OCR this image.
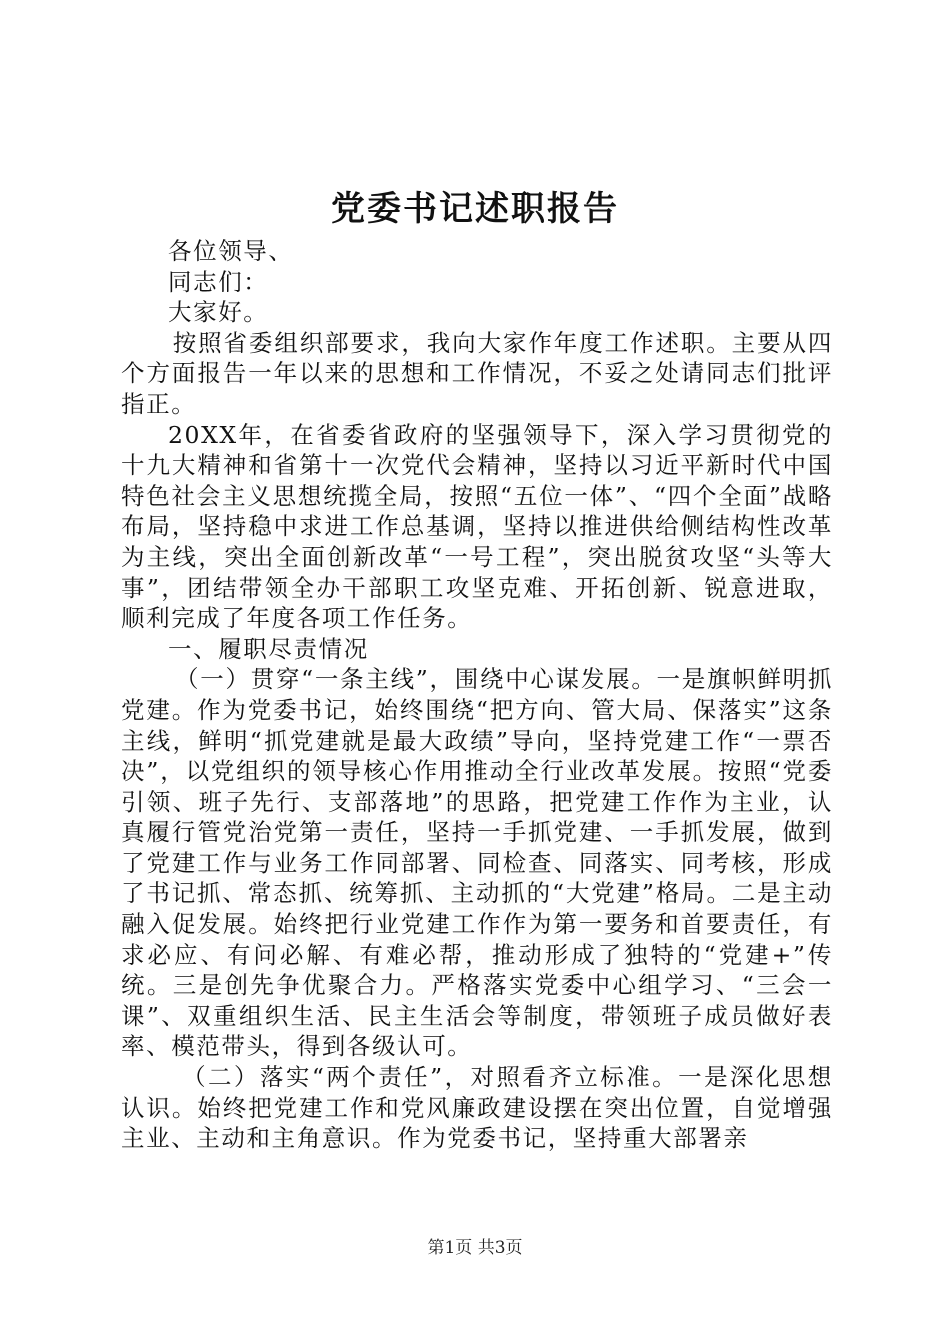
党委书记述职报告

各位领导、

同志们：

大家好。

按照省委组织部要求，我向大家作年度工作述职。主要从四个方面报告一年以来的思想和工作情况，不妥之处请同志们批评指正。

20XX年，在省委省政府的坚强领导下，深入学习贯彻党的十九大精神和省第十一次党代会精神，坚持以习近平新时代中国特色社会主义思想统揽全局，按照“五位一体”、“四个全面”战略布局，坚持稳中求进工作总基调，坚持以推进供给侧结构性改革为主线，突出全面创新改革“一号工程”，突出脱贫攻坚“头等大事”，团结带领全办干部职工攻坚克难、开拓创新、锐意进取，顺利完成了年度各项工作任务。

一、履职尽责情况

（一）贯穿“一条主线”，围绕中心谋发展。一是旗帜鲜明抓党建。作为党委书记，始终围绕“把方向、管大局、保落实”这条主线，鲜明“抓党建就是最大政绩”导向，坚持党建工作“一票否决”，以党组织的领导核心作用推动全行业改革发展。按照“党委引领、班子先行、支部落地”的思路，把党建工作作为主业，认真履行管党治党第一责任，坚持一手抓党建、一手抓发展，做到了党建工作与业务工作同部署、同检查、同落实、同考核，形成了书记抓、常态抓、统筹抓、主动抓的“大党建”格局。二是主动融入促发展。始终把行业党建工作作为第一要务和首要责任，有求必应、有问必解、有难必帮，推动形成了独特的“党建+”传统。三是创先争优聚合力。严格落实党委中心组学习、“三会一课”、双重组织生活、民主生活会等制度，带领班子成员做好表率、模范带头，得到各级认可。

（二）落实“两个责任”，对照看齐立标准。一是深化思想认识。始终把党建工作和党风廉政建设摆在突出位置，自觉增强主业、主动和主角意识。作为党委书记，坚持重大部署亲

第1页 共3页
